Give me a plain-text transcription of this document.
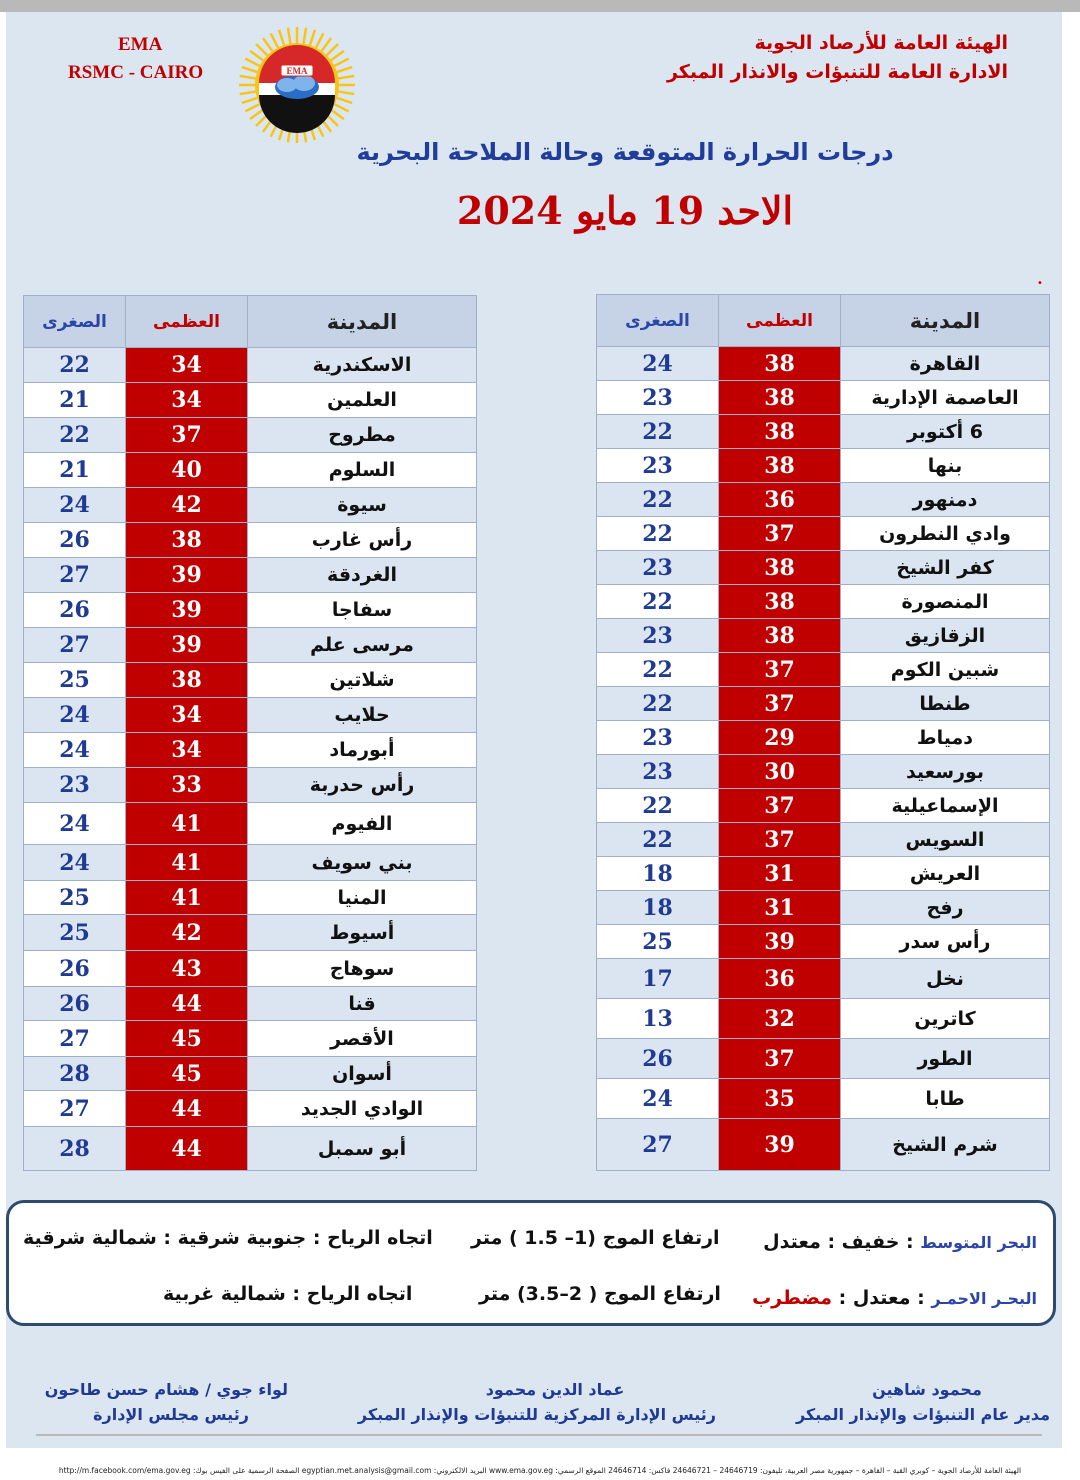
EMA
RSMC - CAIRO	EMA
الهيئة العامة للأرصاد الجوية
الادارة العامة للتنبؤات والانذار المبكر
درجات الحرارة المتوقعة وحالة الملاحة البحرية
الاحد 19 مايو 2024
•
المدينة	العظمى	الصغرى
القاهرة	38	24
العاصمة الإدارية	38	23
6 أكتوبر	38	22
بنها	38	23
دمنهور	36	22
وادي النطرون	37	22
كفر الشيخ	38	23
المنصورة	38	22
الزقازيق	38	23
شبين الكوم	37	22
طنطا	37	22
دمياط	29	23
بورسعيد	30	23
الإسماعيلية	37	22
السويس	37	22
العريش	31	18
رفح	31	18
رأس سدر	39	25
نخل	36	17
كاترين	32	13
الطور	37	26
طابا	35	24
شرم الشيخ	39	27
المدينة	العظمى	الصغرى
الاسكندرية	34	22
العلمين	34	21
مطروح	37	22
السلوم	40	21
سيوة	42	24
رأس غارب	38	26
الغردقة	39	27
سفاجا	39	26
مرسى علم	39	27
شلاتين	38	25
حلايب	34	24
أبورماد	34	24
رأس حدربة	33	23
الفيوم	41	24
بني سويف	41	24
المنيا	41	25
أسيوط	42	25
سوهاج	43	26
قنا	44	26
الأقصر	45	27
أسوان	45	28
الوادي الجديد	44	27
أبو سمبل	44	28
البحر المتوسط : خفيف : معتدل
ارتفاع الموج (1– 1.5 ) متر
اتجاه الرياح : جنوبية شرقية : شمالية شرقية
البحـر الاحمـر : معتدل : مضطرب
ارتفاع الموج ( 2–3.5) متر
اتجاه الرياح : شمالية غربية
محمود شاهين
مدير عام التنبؤات والإنذار المبكر
عماد الدين محمود
رئيس الإدارة المركزية للتنبؤات والإنذار المبكر
لواء جوي / هشام حسن طاحون
رئيس مجلس الإدارة
الهيئة العامة للأرصاد الجوية – كوبري القبة – القاهرة – جمهورية مصر العربية، تليفون: 24646719 – 24646721 فاكس: 24646714 الموقع الرسمي: www.ema.gov.eg البريد الالكتروني: egyptian.met.analysis@gmail.com الصفحة الرسمية على الفيس بوك: http://m.facebook.com/ema.gov.eg
